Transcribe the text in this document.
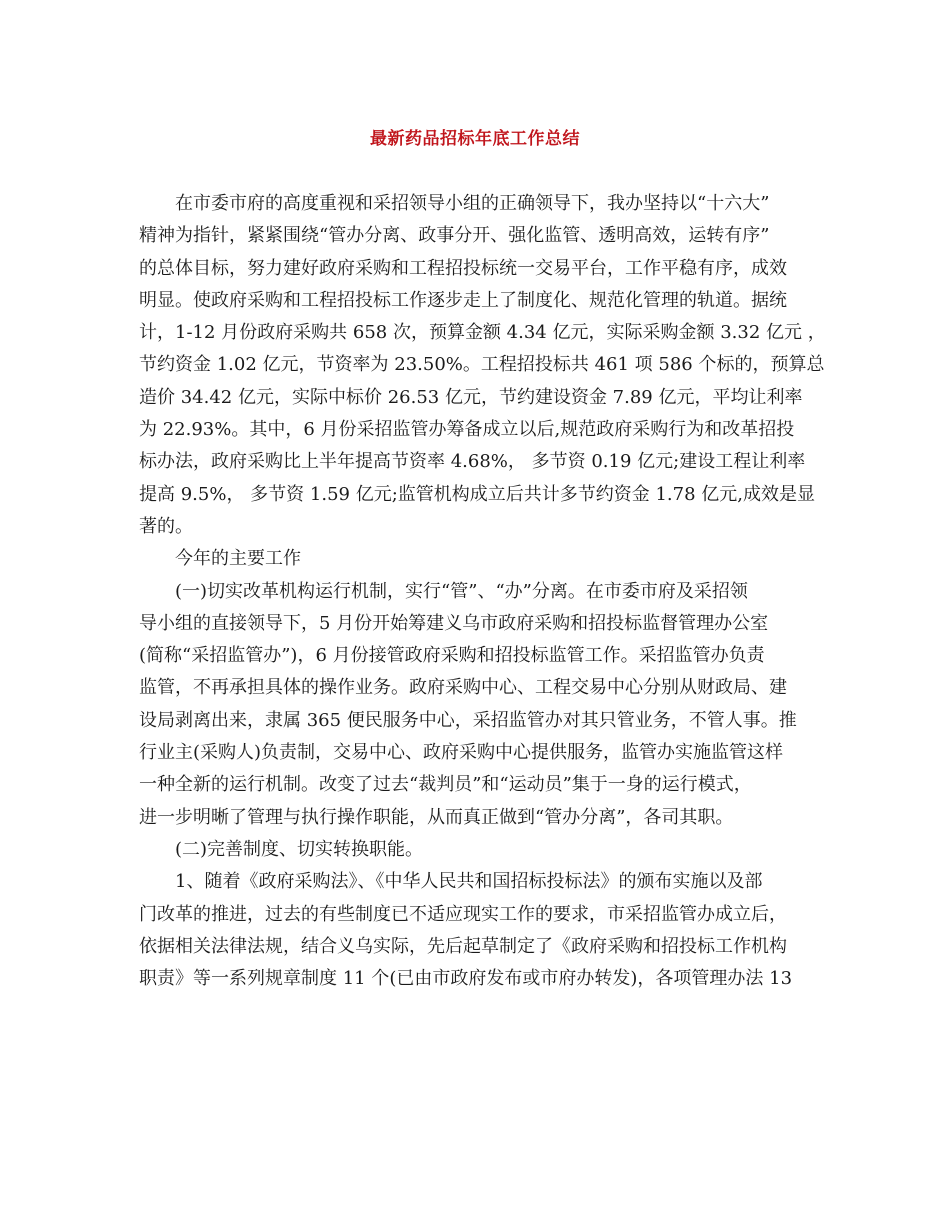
最新药品招标年底工作总结

在市委市府的高度重视和采招领导小组的正确领导下，我办坚持以“十六大”
精神为指针，紧紧围绕“管办分离、政事分开、强化监管、透明高效，运转有序”
的总体目标，努力建好政府采购和工程招投标统一交易平台，工作平稳有序，成效
明显。使政府采购和工程招投标工作逐步走上了制度化、规范化管理的轨道。据统
计，1-12 月份政府采购共 658 次，预算金额 4.34 亿元，实际采购金额 3.32 亿元 ，
节约资金 1.02 亿元，节资率为 23.50%。工程招投标共 461 项 586 个标的，预算总
造价 34.42 亿元，实际中标价 26.53 亿元，节约建设资金 7.89 亿元，平均让利率
为 22.93%。其中，6 月份采招监管办筹备成立以后,规范政府采购行为和改革招投
标办法，政府采购比上半年提高节资率 4.68%， 多节资 0.19 亿元;建设工程让利率
提高 9.5%， 多节资 1.59 亿元;监管机构成立后共计多节约资金 1.78 亿元,成效是显
著的。

今年的主要工作

(一)切实改革机构运行机制，实行“管”、“办”分离。在市委市府及采招领
导小组的直接领导下，5 月份开始筹建义乌市政府采购和招投标监督管理办公室
(简称“采招监管办”)，6 月份接管政府采购和招投标监管工作。采招监管办负责
监管，不再承担具体的操作业务。政府采购中心、工程交易中心分别从财政局、建
设局剥离出来，隶属 365 便民服务中心，采招监管办对其只管业务，不管人事。推
行业主(采购人)负责制，交易中心、政府采购中心提供服务，监管办实施监管这样
一种全新的运行机制。改变了过去“裁判员”和“运动员”集于一身的运行模式，
进一步明晰了管理与执行操作职能，从而真正做到“管办分离”，各司其职。

(二)完善制度、切实转换职能。

1、随着《政府采购法》、《中华人民共和国招标投标法》的颁布实施以及部
门改革的推进，过去的有些制度已不适应现实工作的要求，市采招监管办成立后，
依据相关法律法规，结合义乌实际，先后起草制定了《政府采购和招投标工作机构
职责》等一系列规章制度 11 个(已由市政府发布或市府办转发)，各项管理办法 13
